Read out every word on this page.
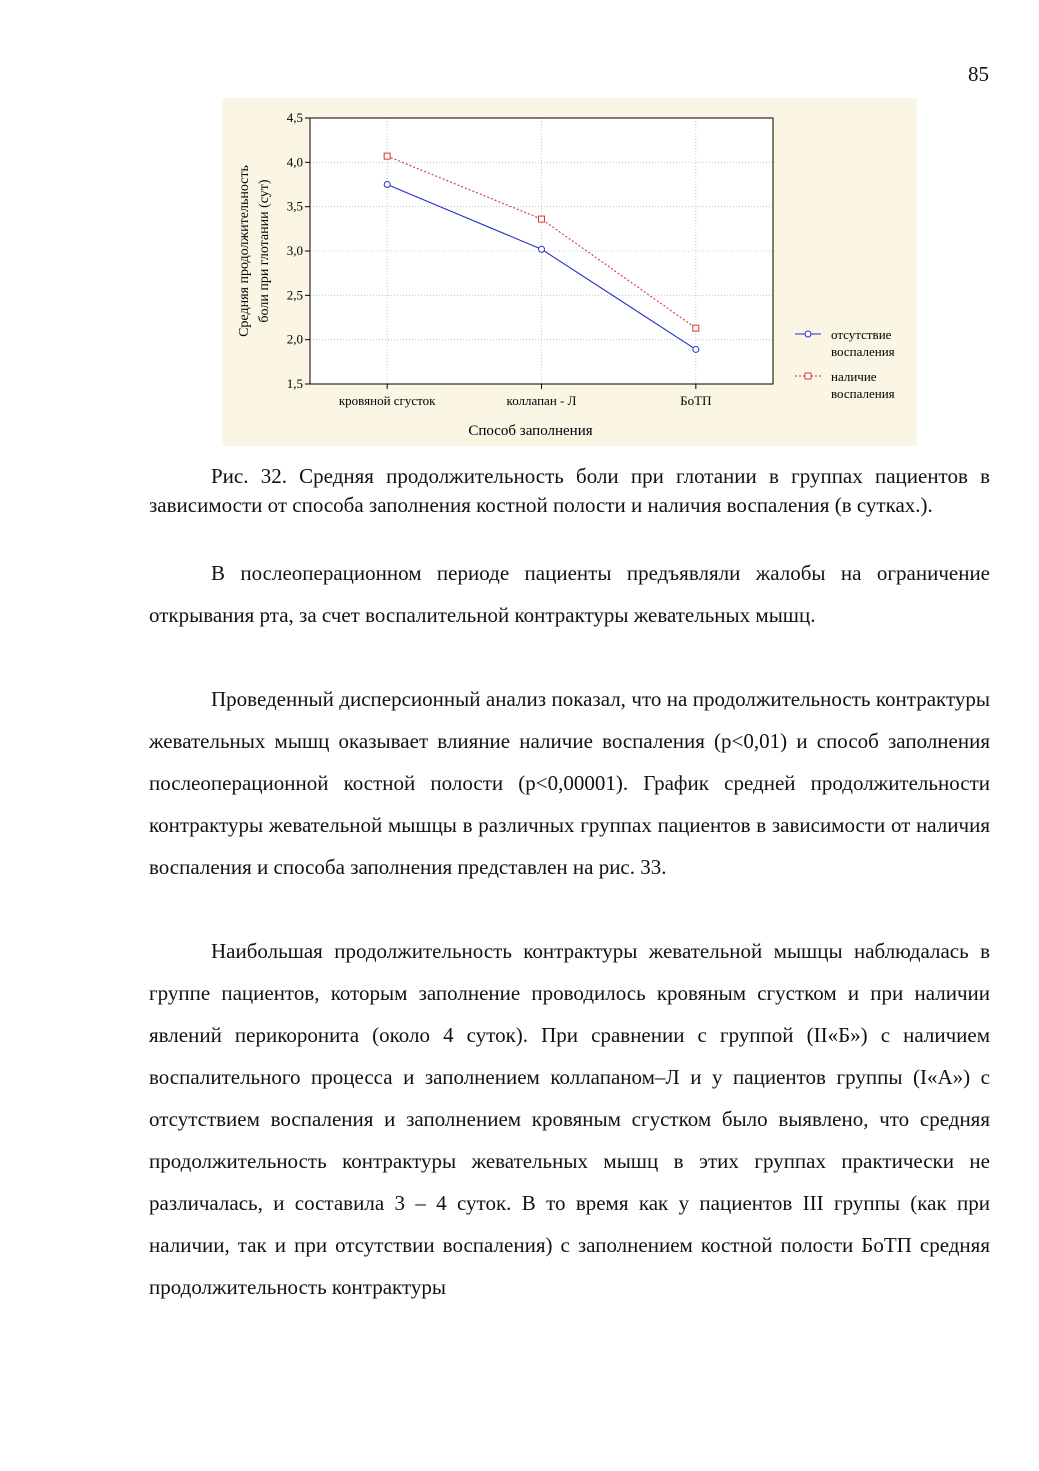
85
1,5
2,0
2,5
3,0
3,5
4,0
4,5
кровяной сгусток	коллапан - Л	БоТП
Средняя продолжительность боли при глотании (сут)
Способ заполнения
отсутствие
воспаления
наличие
воспаления
Рис. 32. Средняя продолжительность боли при глотании в группах пациентов в зависимости от способа заполнения костной полости и наличия воспаления (в сутках.).

В послеоперационном периоде пациенты предъявляли жалобы на ограничение открывания рта, за счет воспалительной контрактуры жевательных мышц.

Проведенный дисперсионный анализ показал, что на продолжительность контрактуры жевательных мышц оказывает влияние наличие воспаления (p<0,01) и способ заполнения послеоперационной костной полости (p<0,00001). График средней продолжительности контрактуры жевательной мышцы в различных группах пациентов в зависимости от наличия воспаления и способа заполнения представлен на рис. 33.

Наибольшая продолжительность контрактуры жевательной мышцы наблюдалась в группе пациентов, которым заполнение проводилось кровяным сгустком и при наличии явлений перикоронита (около 4 суток). При сравнении с группой (II«Б») с наличием воспалительного процесса и заполнением коллапаном–Л и у пациентов группы (I«А») с отсутствием воспаления и заполнением кровяным сгустком было выявлено, что средняя продолжительность контрактуры жевательных мышц в этих группах практически не различалась, и составила 3 – 4 суток. В то время как у пациентов III группы (как при наличии, так и при отсутствии воспаления) с заполнением костной полости БоТП средняя продолжительность контрактуры
